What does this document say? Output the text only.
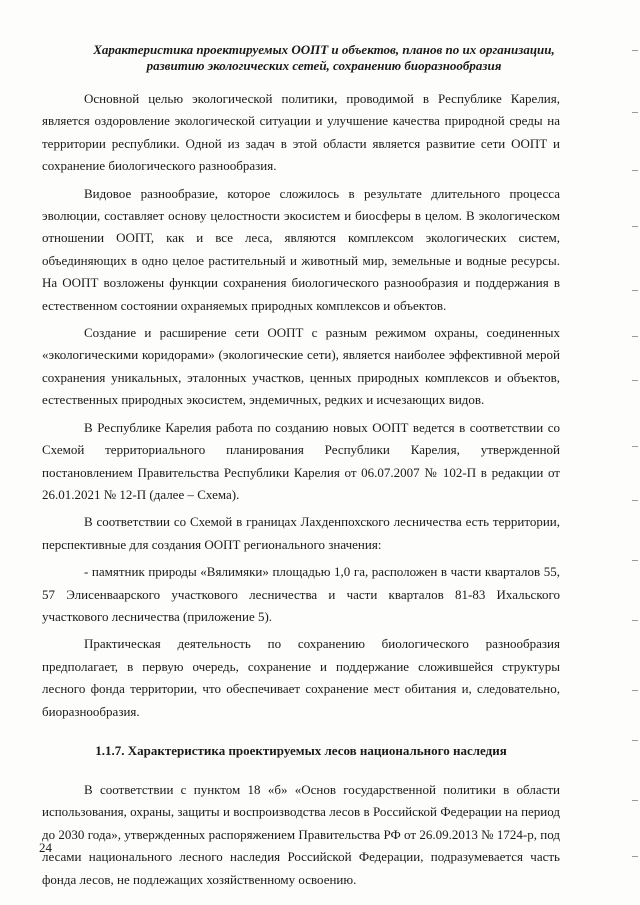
Характеристика проектируемых ООПТ и объектов, планов по их организации,
развитию экологических сетей, сохранению биоразнообразия

Основной целью экологической политики, проводимой в Республике Карелия, является оздоровление экологической ситуации и улучшение качества природной среды на территории республики. Одной из задач в этой области является развитие сети ООПТ и сохранение биологического разнообразия.

Видовое разнообразие, которое сложилось в результате длительного процесса эволюции, составляет основу целостности экосистем и биосферы в целом. В экологическом отношении ООПТ, как и все леса, являются комплексом экологических систем, объединяющих в одно целое растительный и животный мир, земельные и водные ресурсы. На ООПТ возложены функции сохранения биологического разнообразия и поддержания в естественном состоянии охраняемых природных комплексов и объектов.

Создание и расширение сети ООПТ с разным режимом охраны, соединенных «экологическими коридорами» (экологические сети), является наиболее эффективной мерой сохранения уникальных, эталонных участков, ценных природных комплексов и объектов, естественных природных экосистем, эндемичных, редких и исчезающих видов.

В Республике Карелия работа по созданию новых ООПТ ведется в соответствии со Схемой территориального планирования Республики Карелия, утвержденной постановлением Правительства Республики Карелия от 06.07.2007 № 102-П в редакции от 26.01.2021 № 12-П (далее – Схема).

В соответствии со Схемой в границах Лахденпохского лесничества есть территории, перспективные для создания ООПТ регионального значения:

- памятник природы «Вялимяки» площадью 1,0 га, расположен в части кварталов 55, 57 Элисенваарского участкового лесничества и части кварталов 81-83 Ихальского участкового лесничества (приложение 5).

Практическая деятельность по сохранению биологического разнообразия предполагает, в первую очередь, сохранение и поддержание сложившейся структуры лесного фонда территории, что обеспечивает сохранение мест обитания и, следовательно, биоразнообразия.

1.1.7. Характеристика проектируемых лесов национального наследия

В соответствии с пунктом 18 «б» «Основ государственной политики в области использования, охраны, защиты и воспроизводства лесов в Российской Федерации на период до 2030 года», утвержденных распоряжением Правительства РФ от 26.09.2013 № 1724-р, под лесами национального лесного наследия Российской Федерации, подразумевается часть фонда лесов, не подлежащих хозяйственному освоению.

24
